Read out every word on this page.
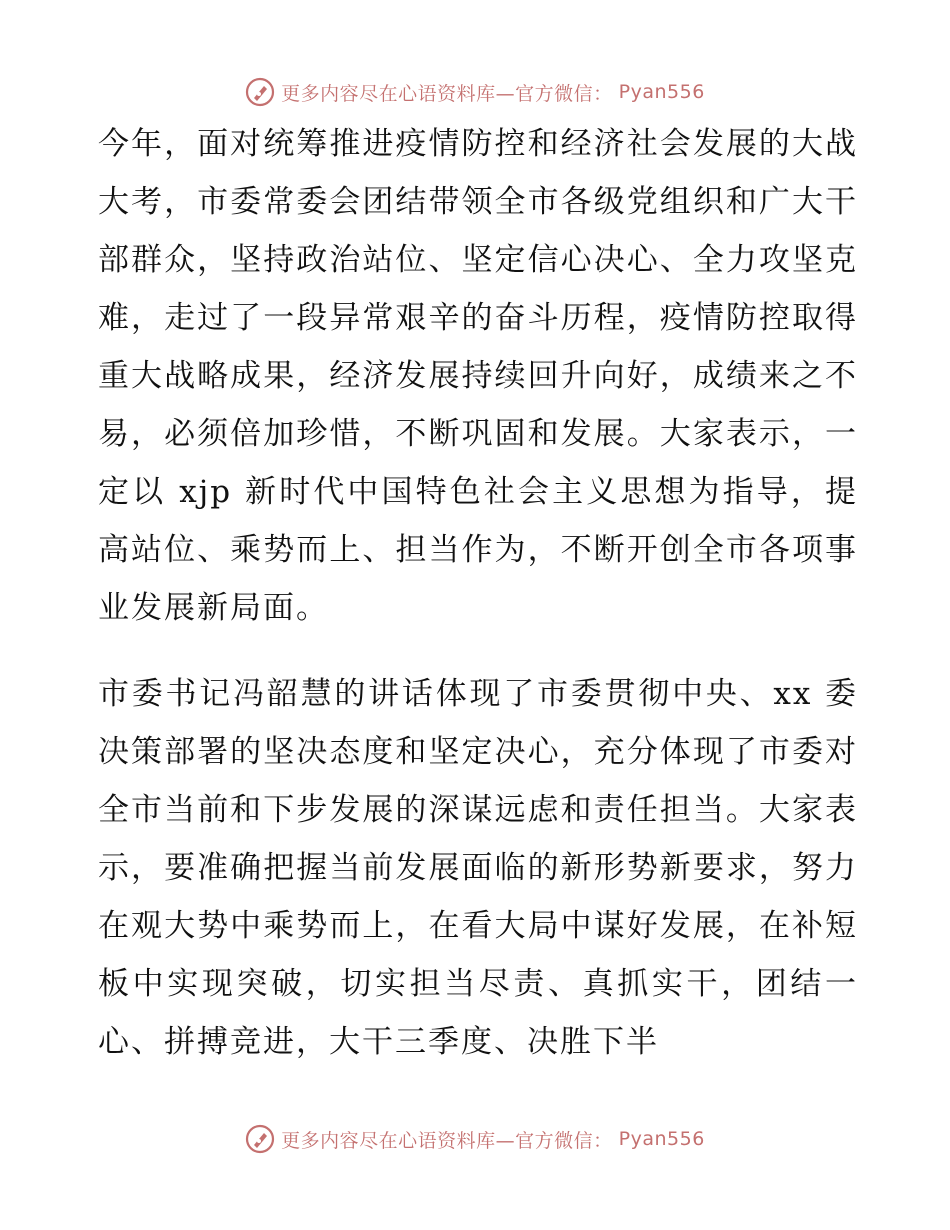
更多内容尽在心语资料库—官方微信： Pyan556

今年，面对统筹推进疫情防控和经济社会发展的大战大考，市委常委会团结带领全市各级党组织和广大干部群众，坚持政治站位、坚定信心决心、全力攻坚克难，走过了一段异常艰辛的奋斗历程，疫情防控取得重大战略成果，经济发展持续回升向好，成绩来之不易，必须倍加珍惜，不断巩固和发展。大家表示，一定以 xjp 新时代中国特色社会主义思想为指导，提高站位、乘势而上、担当作为，不断开创全市各项事业发展新局面。

市委书记冯韶慧的讲话体现了市委贯彻中央、xx 委决策部署的坚决态度和坚定决心，充分体现了市委对全市当前和下步发展的深谋远虑和责任担当。大家表示，要准确把握当前发展面临的新形势新要求，努力在观大势中乘势而上，在看大局中谋好发展，在补短板中实现突破，切实担当尽责、真抓实干，团结一心、拼搏竞进，大干三季度、决胜下半

更多内容尽在心语资料库—官方微信： Pyan556
